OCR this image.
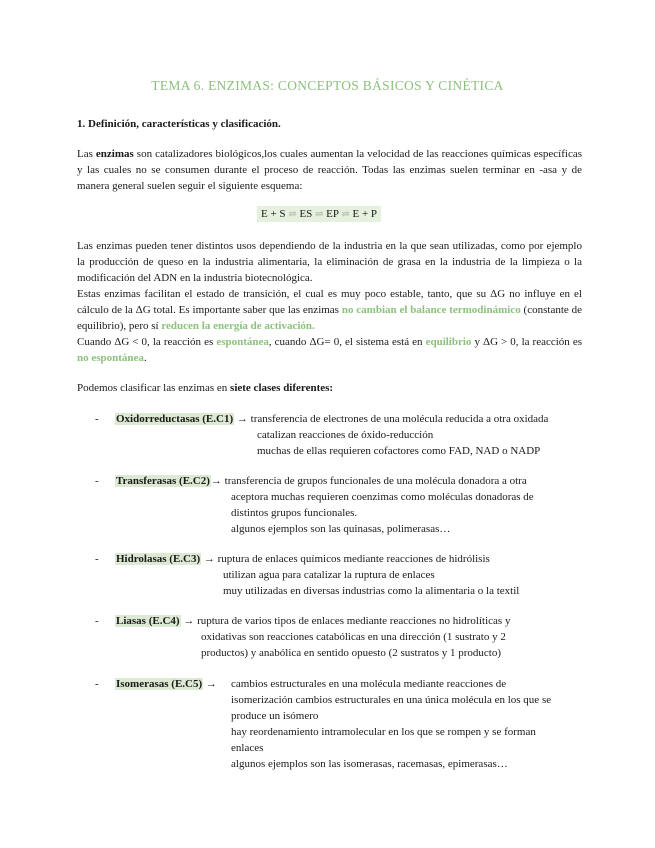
TEMA 6. ENZIMAS: CONCEPTOS BÁSICOS Y CINÉTICA
1. Definición, características y clasificación.

Las enzimas son catalizadores biológicos,los cuales aumentan la velocidad de las reacciones químicas específicas y las cuales no se consumen durante el proceso de reacción. Todas las enzimas suelen terminar en -asa y de manera general suelen seguir el siguiente esquema:

E + S ⇌ ES ⇌ EP ⇌ E + P

Las enzimas pueden tener distintos usos dependiendo de la industria en la que sean utilizadas, como por ejemplo la producción de queso en la industria alimentaria, la eliminación de grasa en la industria de la limpieza o la modificación del ADN en la industria biotecnológica.

Estas enzimas facilitan el estado de transición, el cual es muy poco estable, tanto, que su ΔG no influye en el cálculo de la ΔG total. Es importante saber que las enzimas no cambian el balance termodinámico (constante de equilibrio), pero sí reducen la energía de activación.

Cuando ΔG < 0, la reacción es espontánea, cuando ΔG= 0, el sistema está en equilibrio y ΔG > 0, la reacción es no espontánea.

Podemos clasificar las enzimas en siete clases diferentes:

- Oxidorreductasas (E.C1) → transferencia de electrones de una molécula reducida a otra oxidada
catalizan reacciones de óxido-reducción
muchas de ellas requieren cofactores como FAD, NAD o NADP
- Transferasas (E.C2)→ transferencia de grupos funcionales de una molécula donadora a otra
aceptora muchas requieren coenzimas como moléculas donadoras de
distintos grupos funcionales.
algunos ejemplos son las quinasas, polimerasas…
- Hidrolasas (E.C3) → ruptura de enlaces químicos mediante reacciones de hidrólisis
utilizan agua para catalizar la ruptura de enlaces
muy utilizadas en diversas industrias como la alimentaria o la textil
- Liasas (E.C4) → ruptura de varios tipos de enlaces mediante reacciones no hidrolíticas y
oxidativas son reacciones catabólicas en una dirección (1 sustrato y 2
productos) y anabólica en sentido opuesto (2 sustratos y 1 producto)
- Isomerasas (E.C5) → cambios estructurales en una molécula mediante reacciones de
isomerización cambios estructurales en una única molécula en los que se
produce un isómero
hay reordenamiento intramolecular en los que se rompen y se forman
enlaces
algunos ejemplos son las isomerasas, racemasas, epimerasas…
